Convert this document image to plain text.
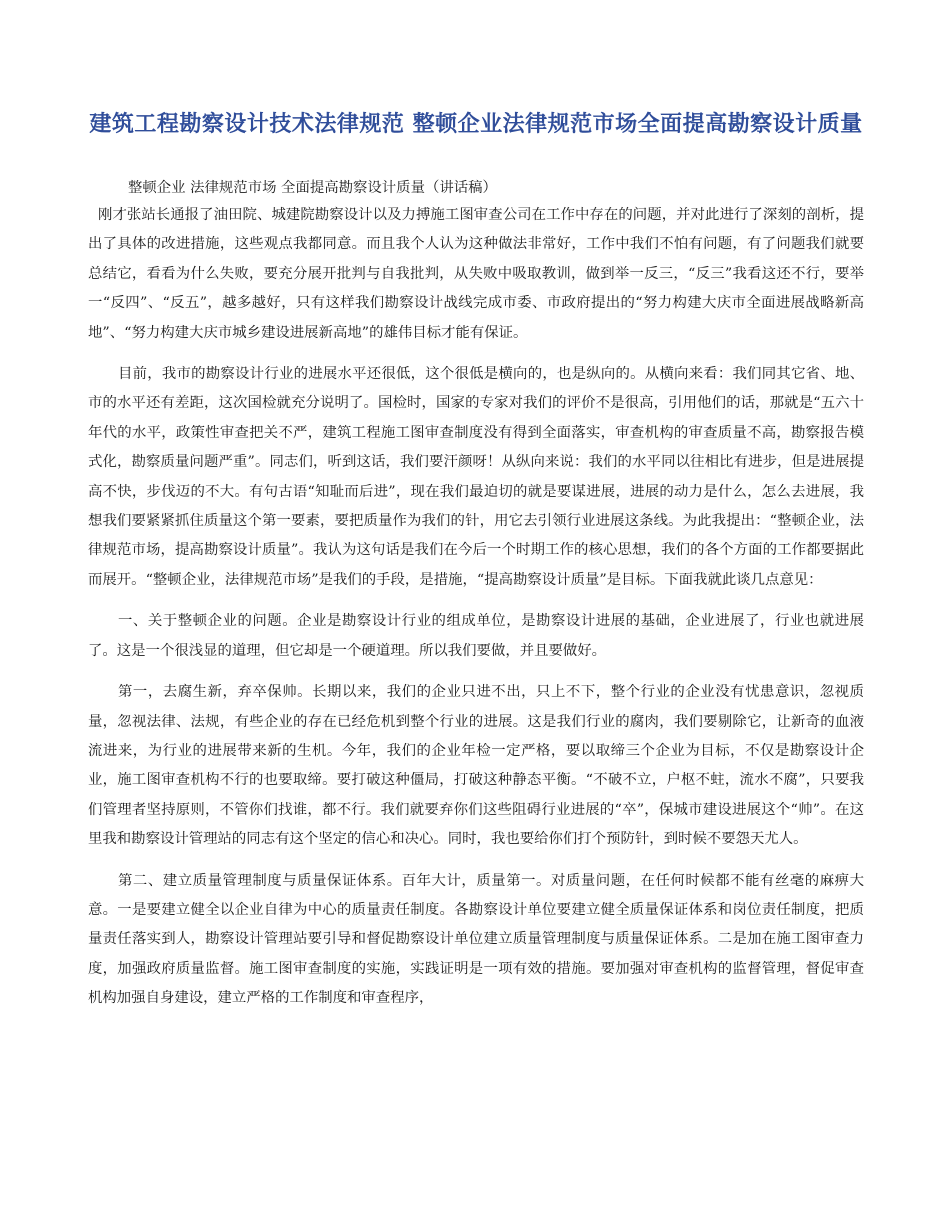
建筑工程勘察设计技术法律规范 整顿企业法律规范市场全面提高勘察设计质量

整顿企业 法律规范市场 全面提高勘察设计质量（讲话稿）

刚才张站长通报了油田院、城建院勘察设计以及力搏施工图审查公司在工作中存在的问题，并对此进行了深刻的剖析，提出了具体的改进措施，这些观点我都同意。而且我个人认为这种做法非常好，工作中我们不怕有问题，有了问题我们就要总结它，看看为什么失败，要充分展开批判与自我批判，从失败中吸取教训，做到举一反三，“反三”我看这还不行，要举一“反四”、“反五”，越多越好，只有这样我们勘察设计战线完成市委、市政府提出的“努力构建大庆市全面进展战略新高地”、“努力构建大庆市城乡建设进展新高地”的雄伟目标才能有保证。

目前，我市的勘察设计行业的进展水平还很低，这个很低是横向的，也是纵向的。从横向来看：我们同其它省、地、市的水平还有差距，这次国检就充分说明了。国检时，国家的专家对我们的评价不是很高，引用他们的话，那就是“五六十年代的水平，政策性审查把关不严，建筑工程施工图审查制度没有得到全面落实，审查机构的审查质量不高，勘察报告模式化，勘察质量问题严重”。同志们，听到这话，我们要汗颜呀！从纵向来说：我们的水平同以往相比有进步，但是进展提高不快，步伐迈的不大。有句古语“知耻而后进”，现在我们最迫切的就是要谋进展，进展的动力是什么，怎么去进展，我想我们要紧紧抓住质量这个第一要素，要把质量作为我们的针，用它去引领行业进展这条线。为此我提出：“整顿企业，法律规范市场，提高勘察设计质量”。我认为这句话是我们在今后一个时期工作的核心思想，我们的各个方面的工作都要据此而展开。“整顿企业，法律规范市场”是我们的手段，是措施，“提高勘察设计质量”是目标。下面我就此谈几点意见：

一、关于整顿企业的问题。企业是勘察设计行业的组成单位，是勘察设计进展的基础，企业进展了，行业也就进展了。这是一个很浅显的道理，但它却是一个硬道理。所以我们要做，并且要做好。

第一，去腐生新，弃卒保帅。长期以来，我们的企业只进不出，只上不下，整个行业的企业没有忧患意识，忽视质量，忽视法律、法规，有些企业的存在已经危机到整个行业的进展。这是我们行业的腐肉，我们要剔除它，让新奇的血液流进来，为行业的进展带来新的生机。今年，我们的企业年检一定严格，要以取缔三个企业为目标，不仅是勘察设计企业，施工图审查机构不行的也要取缔。要打破这种僵局，打破这种静态平衡。“不破不立，户枢不蛀，流水不腐”，只要我们管理者坚持原则，不管你们找谁，都不行。我们就要弃你们这些阻碍行业进展的“卒”，保城市建设进展这个“帅”。在这里我和勘察设计管理站的同志有这个坚定的信心和决心。同时，我也要给你们打个预防针，到时候不要怨天尤人。

第二、建立质量管理制度与质量保证体系。百年大计，质量第一。对质量问题，在任何时候都不能有丝毫的麻痹大意。一是要建立健全以企业自律为中心的质量责任制度。各勘察设计单位要建立健全质量保证体系和岗位责任制度，把质量责任落实到人，勘察设计管理站要引导和督促勘察设计单位建立质量管理制度与质量保证体系。二是加在施工图审查力度，加强政府质量监督。施工图审查制度的实施，实践证明是一项有效的措施。要加强对审查机构的监督管理，督促审查机构加强自身建设，建立严格的工作制度和审查程序，
